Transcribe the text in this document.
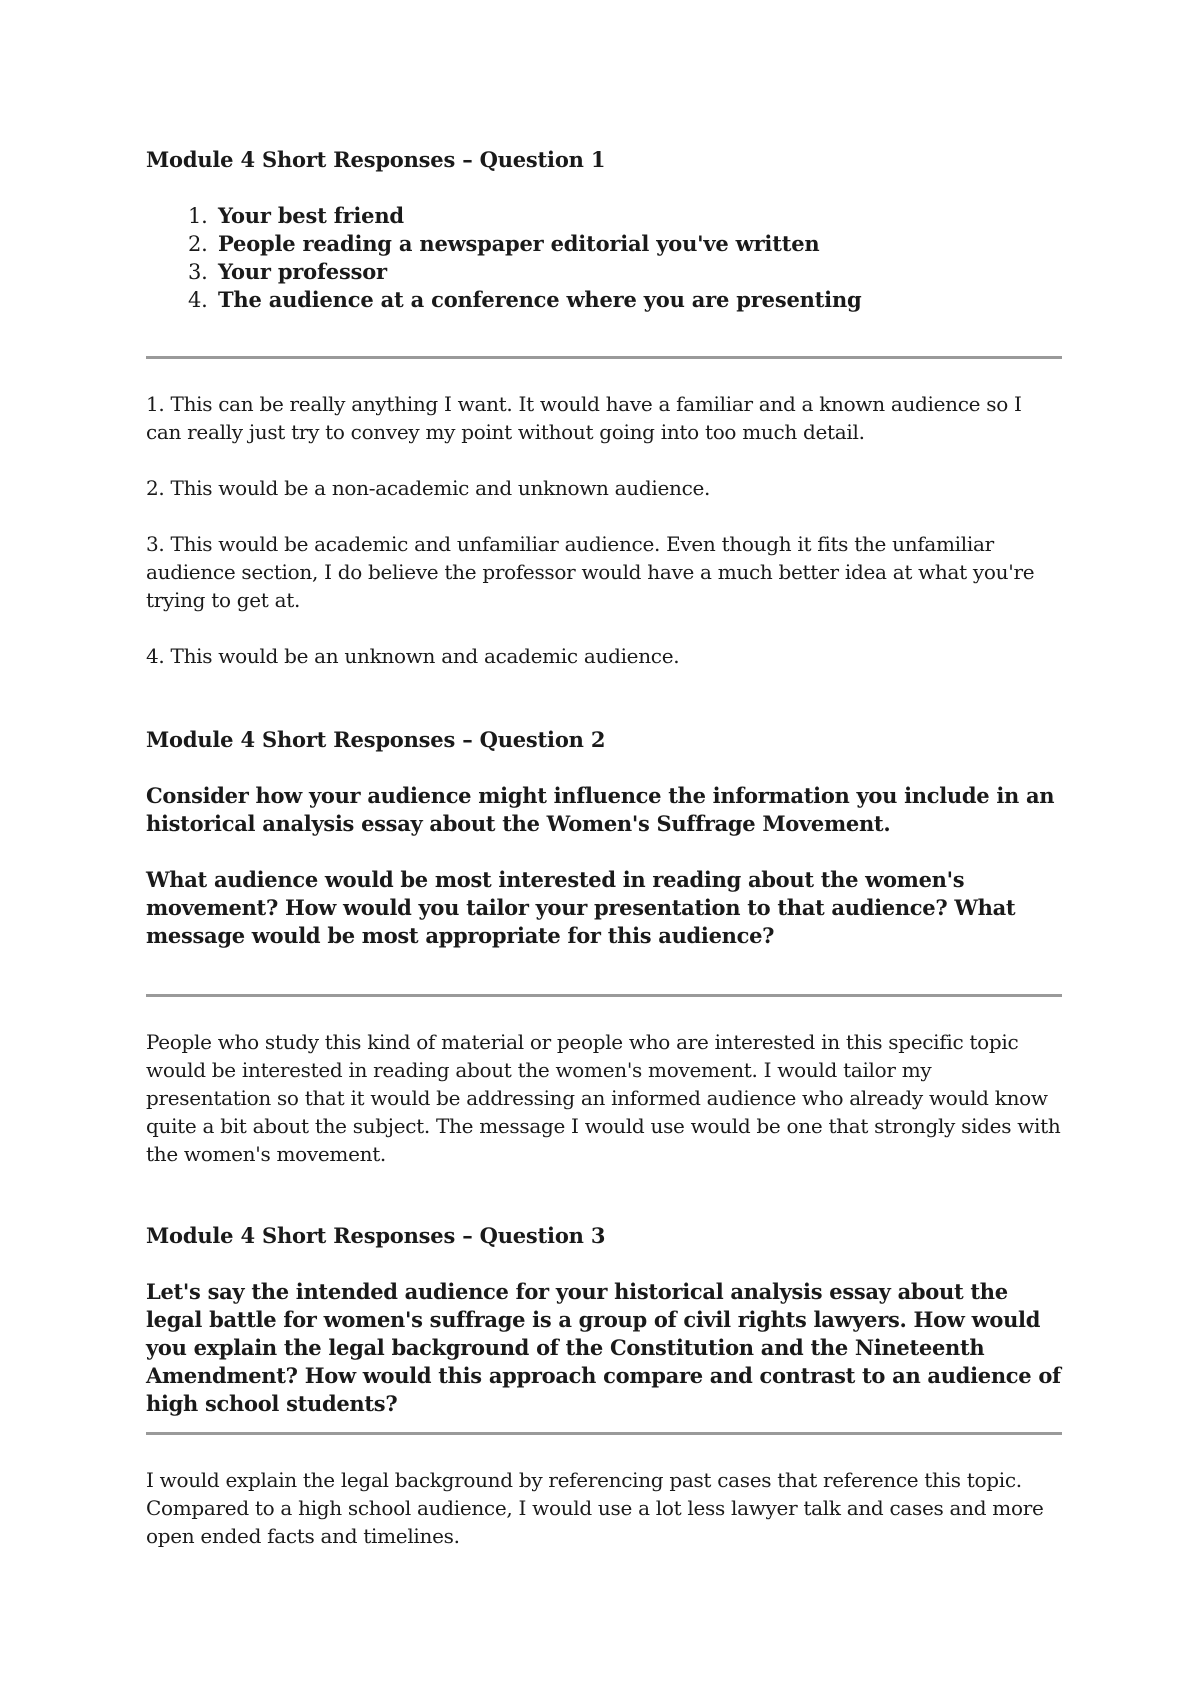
Module 4 Short Responses – Question 1
1. Your best friend
2. People reading a newspaper editorial you've written
3. Your professor
4. The audience at a conference where you are presenting

1. This can be really anything I want. It would have a familiar and a known audience so I can really just try to convey my point without going into too much detail.

2. This would be a non-academic and unknown audience.

3. This would be academic and unfamiliar audience. Even though it fits the unfamiliar audience section, I do believe the professor would have a much better idea at what you're trying to get at.

4. This would be an unknown and academic audience.

Module 4 Short Responses – Question 2

Consider how your audience might influence the information you include in an historical analysis essay about the Women's Suffrage Movement.

What audience would be most interested in reading about the women's movement? How would you tailor your presentation to that audience? What message would be most appropriate for this audience?

People who study this kind of material or people who are interested in this specific topic would be interested in reading about the women's movement. I would tailor my presentation so that it would be addressing an informed audience who already would know quite a bit about the subject. The message I would use would be one that strongly sides with the women's movement.

Module 4 Short Responses – Question 3

Let's say the intended audience for your historical analysis essay about the legal battle for women's suffrage is a group of civil rights lawyers. How would you explain the legal background of the Constitution and the Nineteenth Amendment? How would this approach compare and contrast to an audience of high school students?

I would explain the legal background by referencing past cases that reference this topic. Compared to a high school audience, I would use a lot less lawyer talk and cases and more open ended facts and timelines.
